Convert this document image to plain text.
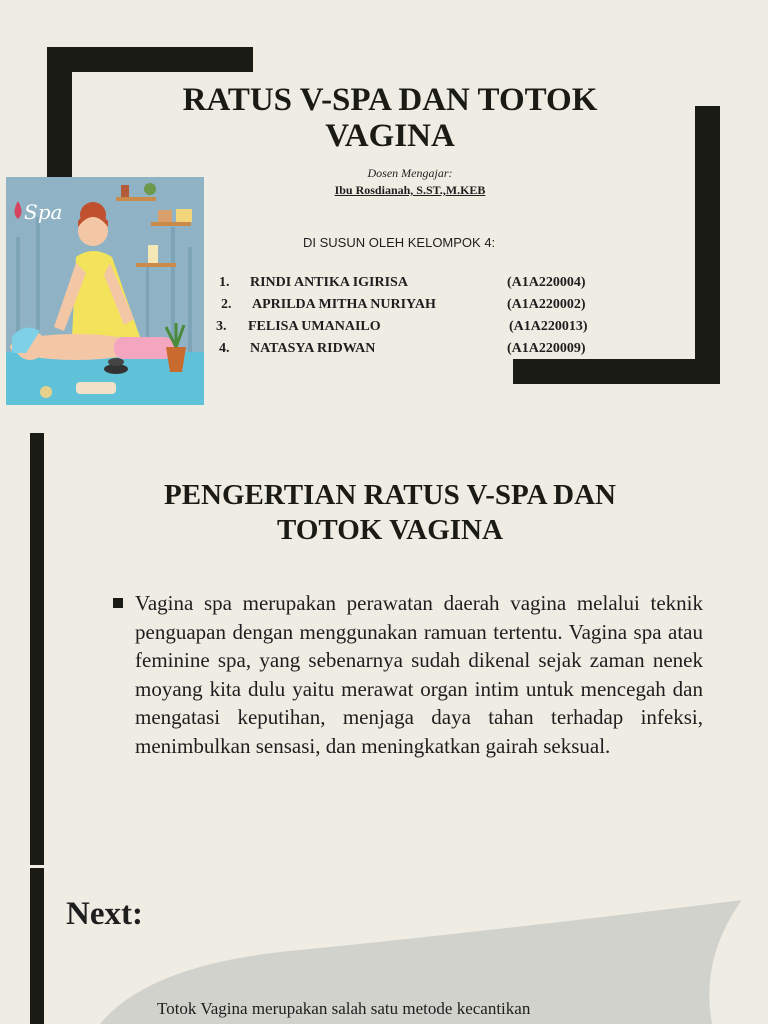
RATUS V-SPA DAN TOTOK VAGINA
Dosen Mengajar:
Ibu Rosdianah, S.ST.,M.KEB
DI SUSUN OLEH KELOMPOK 4:
1. RINDI ANTIKA IGIRISA	(A1A220004)
2. APRILDA MITHA NURIYAH	(A1A220002)
3. FELISA UMANAILO	(A1A220013)
4. NATASYA RIDWAN	(A1A220009)
Spa
PENGERTIAN RATUS V-SPA DAN TOTOK VAGINA
Vagina spa merupakan perawatan daerah vagina melalui teknik penguapan dengan menggunakan ramuan tertentu. Vagina spa atau feminine spa, yang sebenarnya sudah dikenal sejak zaman nenek moyang kita dulu yaitu merawat organ intim untuk mencegah dan mengatasi keputihan, menjaga daya tahan terhadap infeksi, menimbulkan sensasi, dan meningkatkan gairah seksual.
Next:
Totok Vagina merupakan salah satu metode kecantikan
